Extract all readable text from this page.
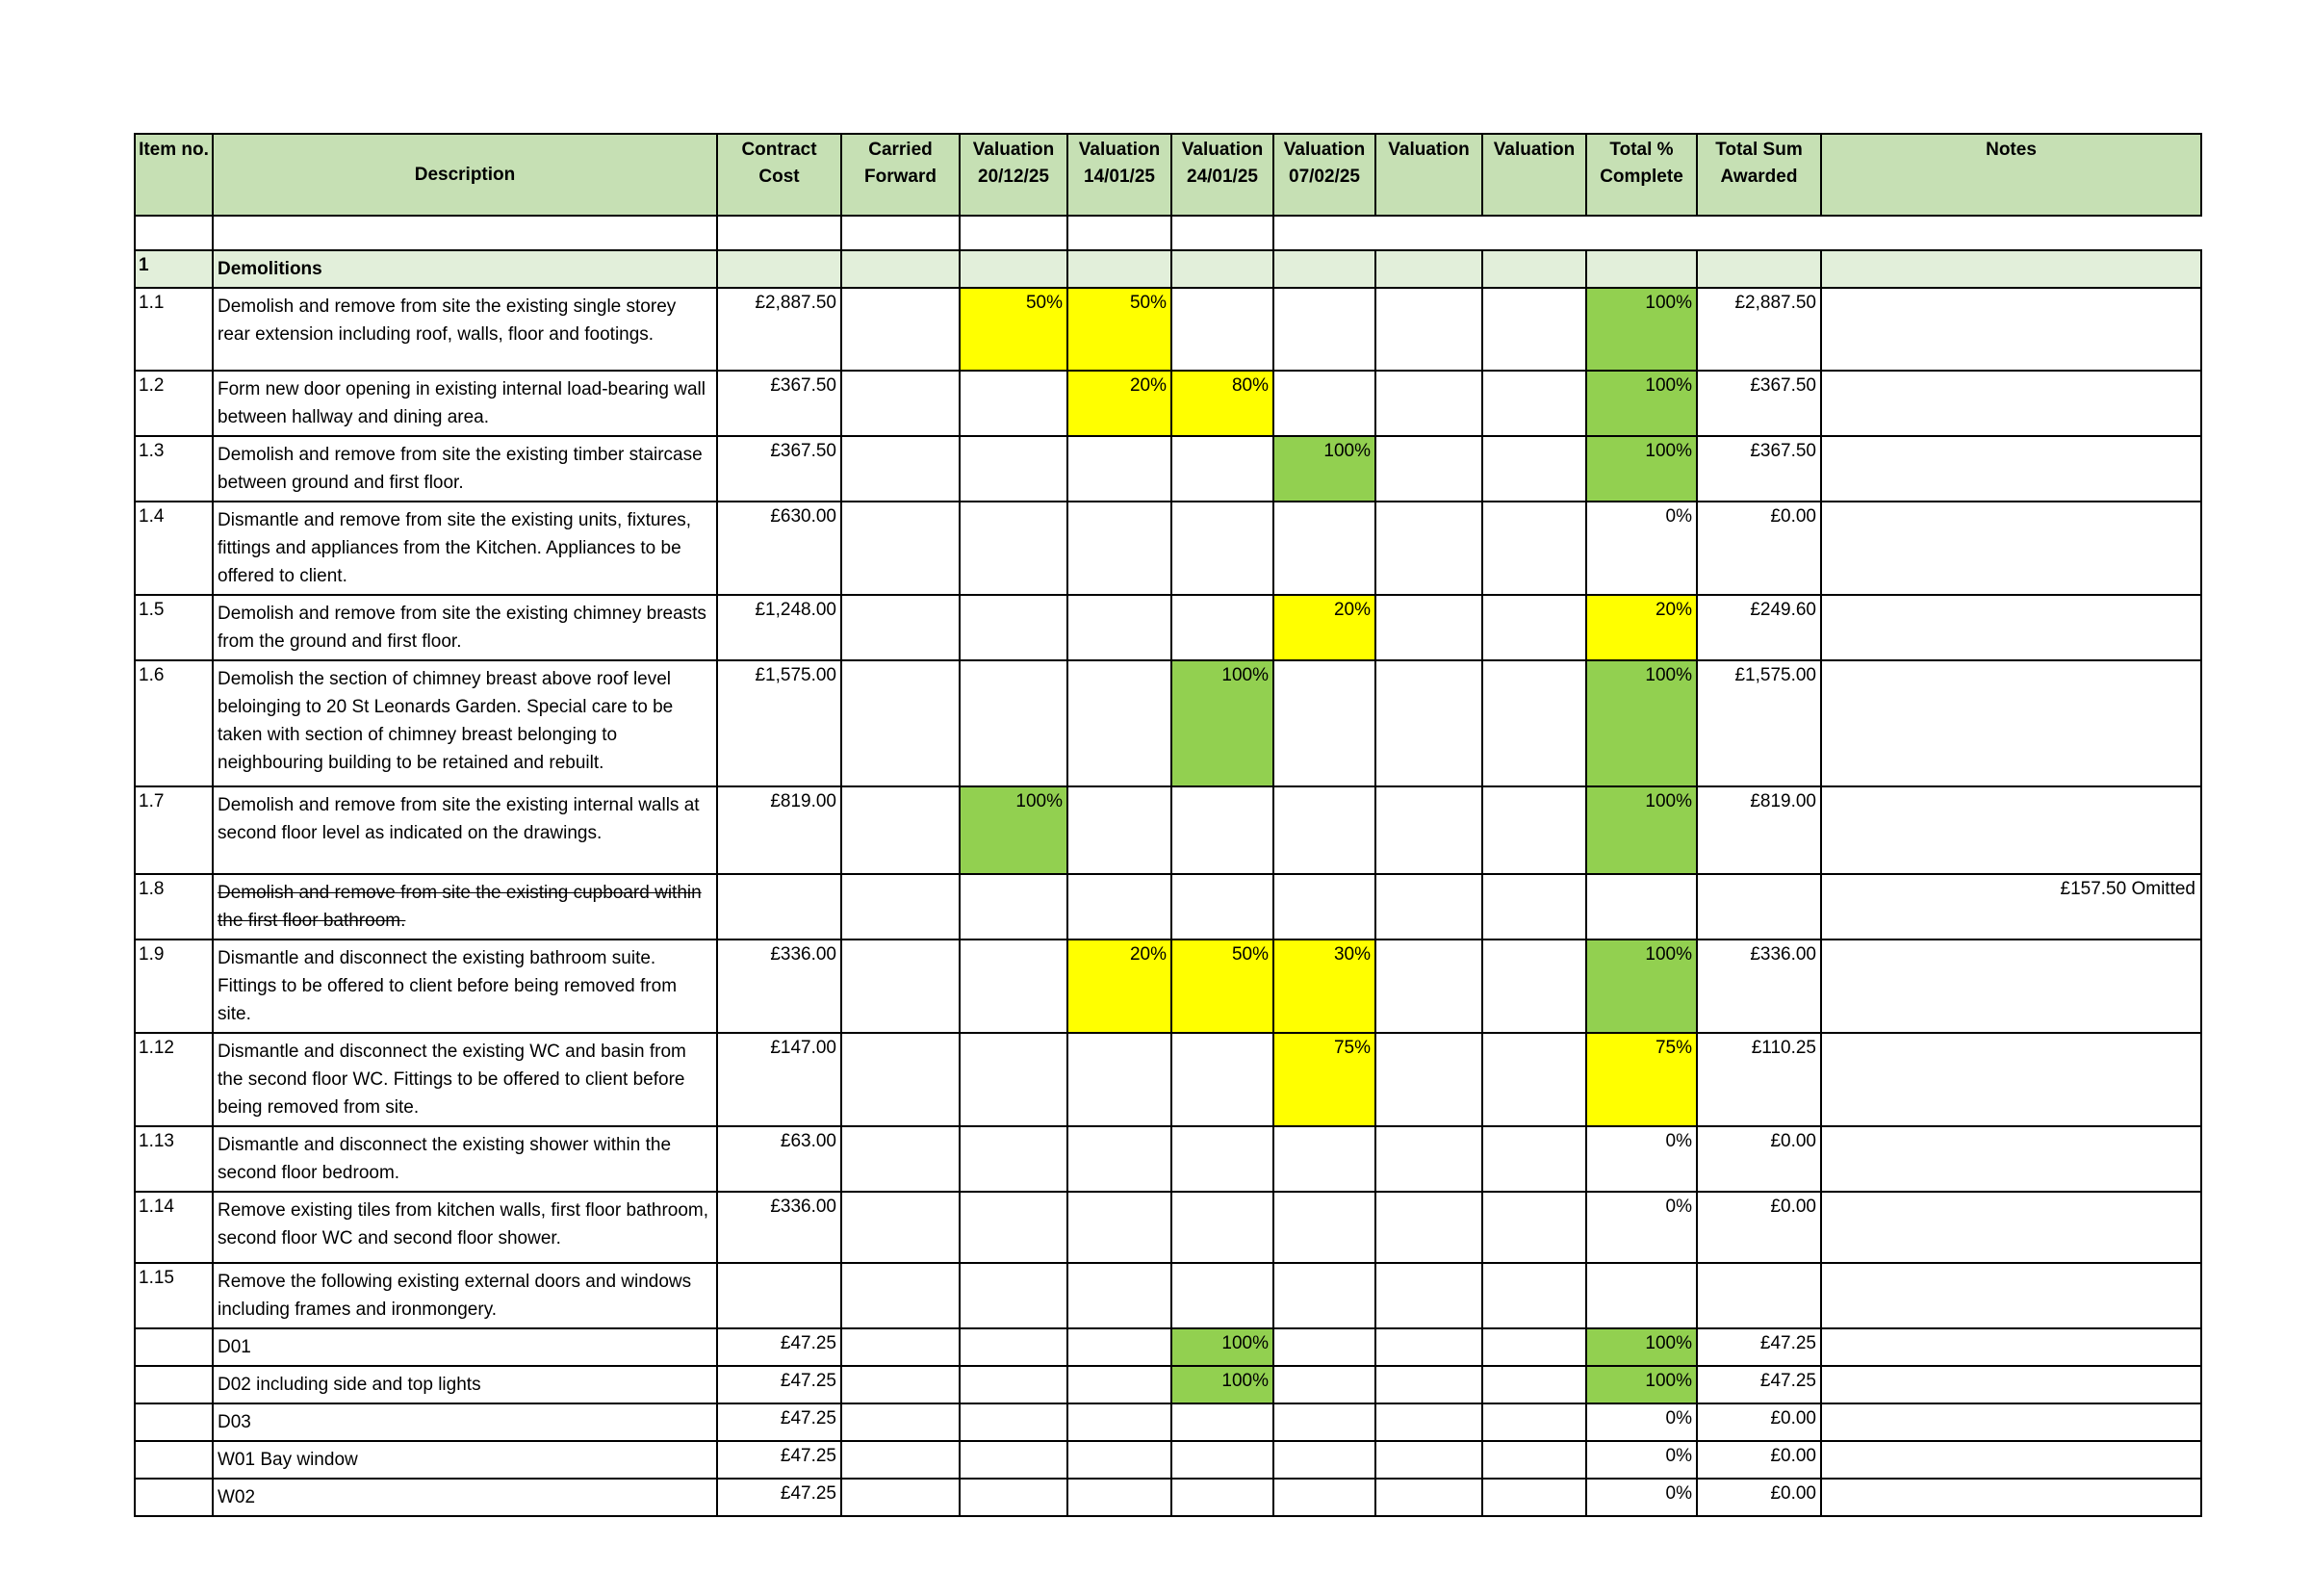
Item no.	Description	Contract Cost	Carried Forward	Valuation 20/12/25	Valuation 14/01/25	Valuation 24/01/25	Valuation 07/02/25	Valuation	Valuation	Total % Complete	Total Sum Awarded	Notes

1	Demolitions											
1.1	Demolish and remove from site the existing single storey rear extension including roof, walls, floor and footings.	£2,887.50		50%	50%					100%	£2,887.50	
1.2	Form new door opening in existing internal load-bearing wall between hallway and dining area.	£367.50			20%	80%				100%	£367.50	
1.3	Demolish and remove from site the existing timber staircase between ground and first floor.	£367.50					100%			100%	£367.50	
1.4	Dismantle and remove from site the existing units, fixtures, fittings and appliances from the Kitchen. Appliances to be offered to client.	£630.00								0%	£0.00	
1.5	Demolish and remove from site the existing chimney breasts from the ground and first floor.	£1,248.00					20%			20%	£249.60	
1.6	Demolish the section of chimney breast above roof level beloinging to 20 St Leonards Garden. Special care to be taken with section of chimney breast belonging to neighbouring building to be retained and rebuilt.	£1,575.00				100%				100%	£1,575.00	
1.7	Demolish and remove from site the existing internal walls at second floor level as indicated on the drawings.	£819.00		100%						100%	£819.00	
1.8	Demolish and remove from site the existing cupboard within the first floor bathroom.											£157.50 Omitted
1.9	Dismantle and disconnect the existing bathroom suite. Fittings to be offered to client before being removed from site.	£336.00			20%	50%	30%			100%	£336.00	
1.12	Dismantle and disconnect the existing WC and basin from the second floor WC. Fittings to be offered to client before being removed from site.	£147.00					75%			75%	£110.25	
1.13	Dismantle and disconnect the existing shower within the second floor bedroom.	£63.00								0%	£0.00	
1.14	Remove existing tiles from kitchen walls, first floor bathroom, second floor WC and second floor shower.	£336.00								0%	£0.00	
1.15	Remove the following existing external doors and windows including frames and ironmongery.											
	D01	£47.25				100%				100%	£47.25	
	D02 including side and top lights	£47.25				100%				100%	£47.25	
	D03	£47.25								0%	£0.00	
	W01 Bay window	£47.25								0%	£0.00	
	W02	£47.25								0%	£0.00	
